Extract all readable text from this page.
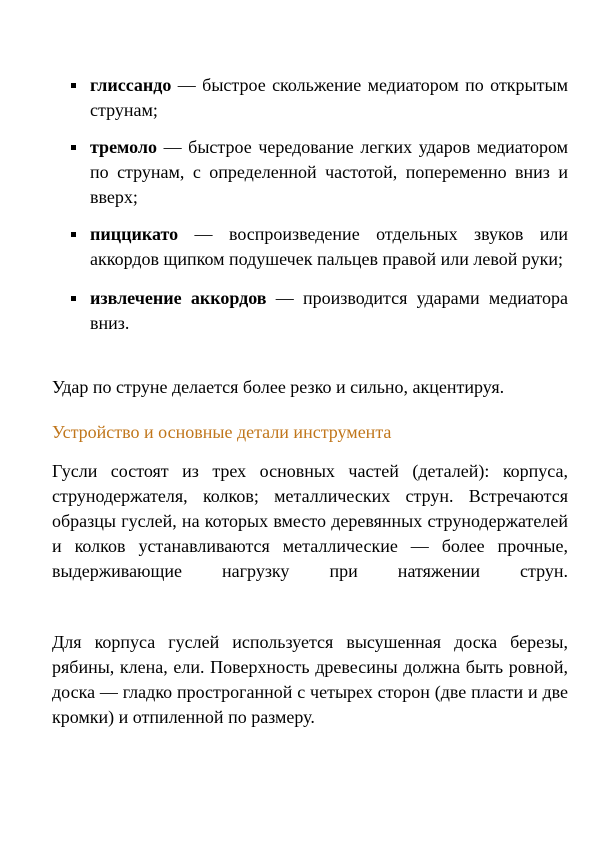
глиссандо — быстрое скольжение медиатором по открытым струнам;
тремоло — быстрое чередование легких ударов медиатором по струнам, с определенной частотой, попеременно вниз и вверх;
пиццикато — воспроизведение отдельных звуков или аккордов щипком подушечек пальцев правой или левой руки;
извлечение аккордов — производится ударами медиатора вниз.

Удар по струне делается более резко и сильно, акцентируя.

Устройство и основные детали инструмента

Гусли состоят из трех основных частей (деталей): корпуса, струнодержателя, колков; металлических струн. Встречаются образцы гуслей, на которых вместо деревянных струнодержателей и колков устанавливаются металлические — более прочные, выдерживающие нагрузку при натяжении струн.

Для корпуса гуслей используется высушенная доска березы, рябины, клена, ели. Поверхность древесины должна быть ровной, доска — гладко простроганной с четырех сторон (две пласти и две кромки) и отпиленной по размеру.
